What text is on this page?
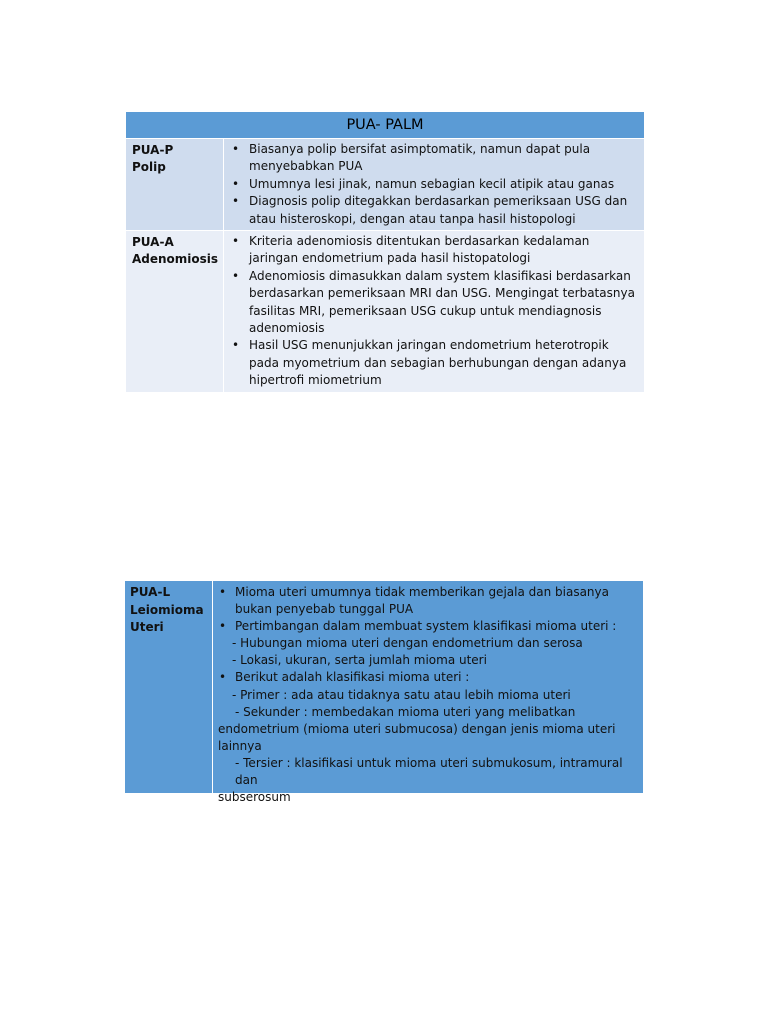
PUA- PALM
PUA-P
Polip
• Biasanya polip bersifat asimptomatik, namun dapat pula menyebabkan PUA
• Umumnya lesi jinak, namun sebagian kecil atipik atau ganas
• Diagnosis polip ditegakkan berdasarkan pemeriksaan USG dan atau histeroskopi, dengan atau tanpa hasil histopologi
PUA-A
Adenomiosis
• Kriteria adenomiosis ditentukan berdasarkan kedalaman jaringan endometrium pada hasil histopatologi
• Adenomiosis dimasukkan dalam system klasifikasi berdasarkan berdasarkan pemeriksaan MRI dan USG. Mengingat terbatasnya fasilitas MRI, pemeriksaan USG cukup untuk mendiagnosis adenomiosis
• Hasil USG menunjukkan jaringan endometrium heterotropik pada myometrium dan sebagian berhubungan dengan adanya hipertrofi miometrium
PUA-L
Leiomioma
Uteri
• Mioma uteri umumnya tidak memberikan gejala dan biasanya
bukan penyebab tunggal PUA
• Pertimbangan dalam membuat system klasifikasi mioma uteri :
- Hubungan mioma uteri dengan endometrium dan serosa
- Lokasi, ukuran, serta jumlah mioma uteri
• Berikut adalah klasifikasi mioma uteri :
- Primer : ada atau tidaknya satu atau lebih mioma uteri
- Sekunder : membedakan mioma uteri yang melibatkan
endometrium (mioma uteri submucosa) dengan jenis mioma uteri
lainnya
- Tersier : klasifikasi untuk mioma uteri submukosum, intramural dan
subserosum
